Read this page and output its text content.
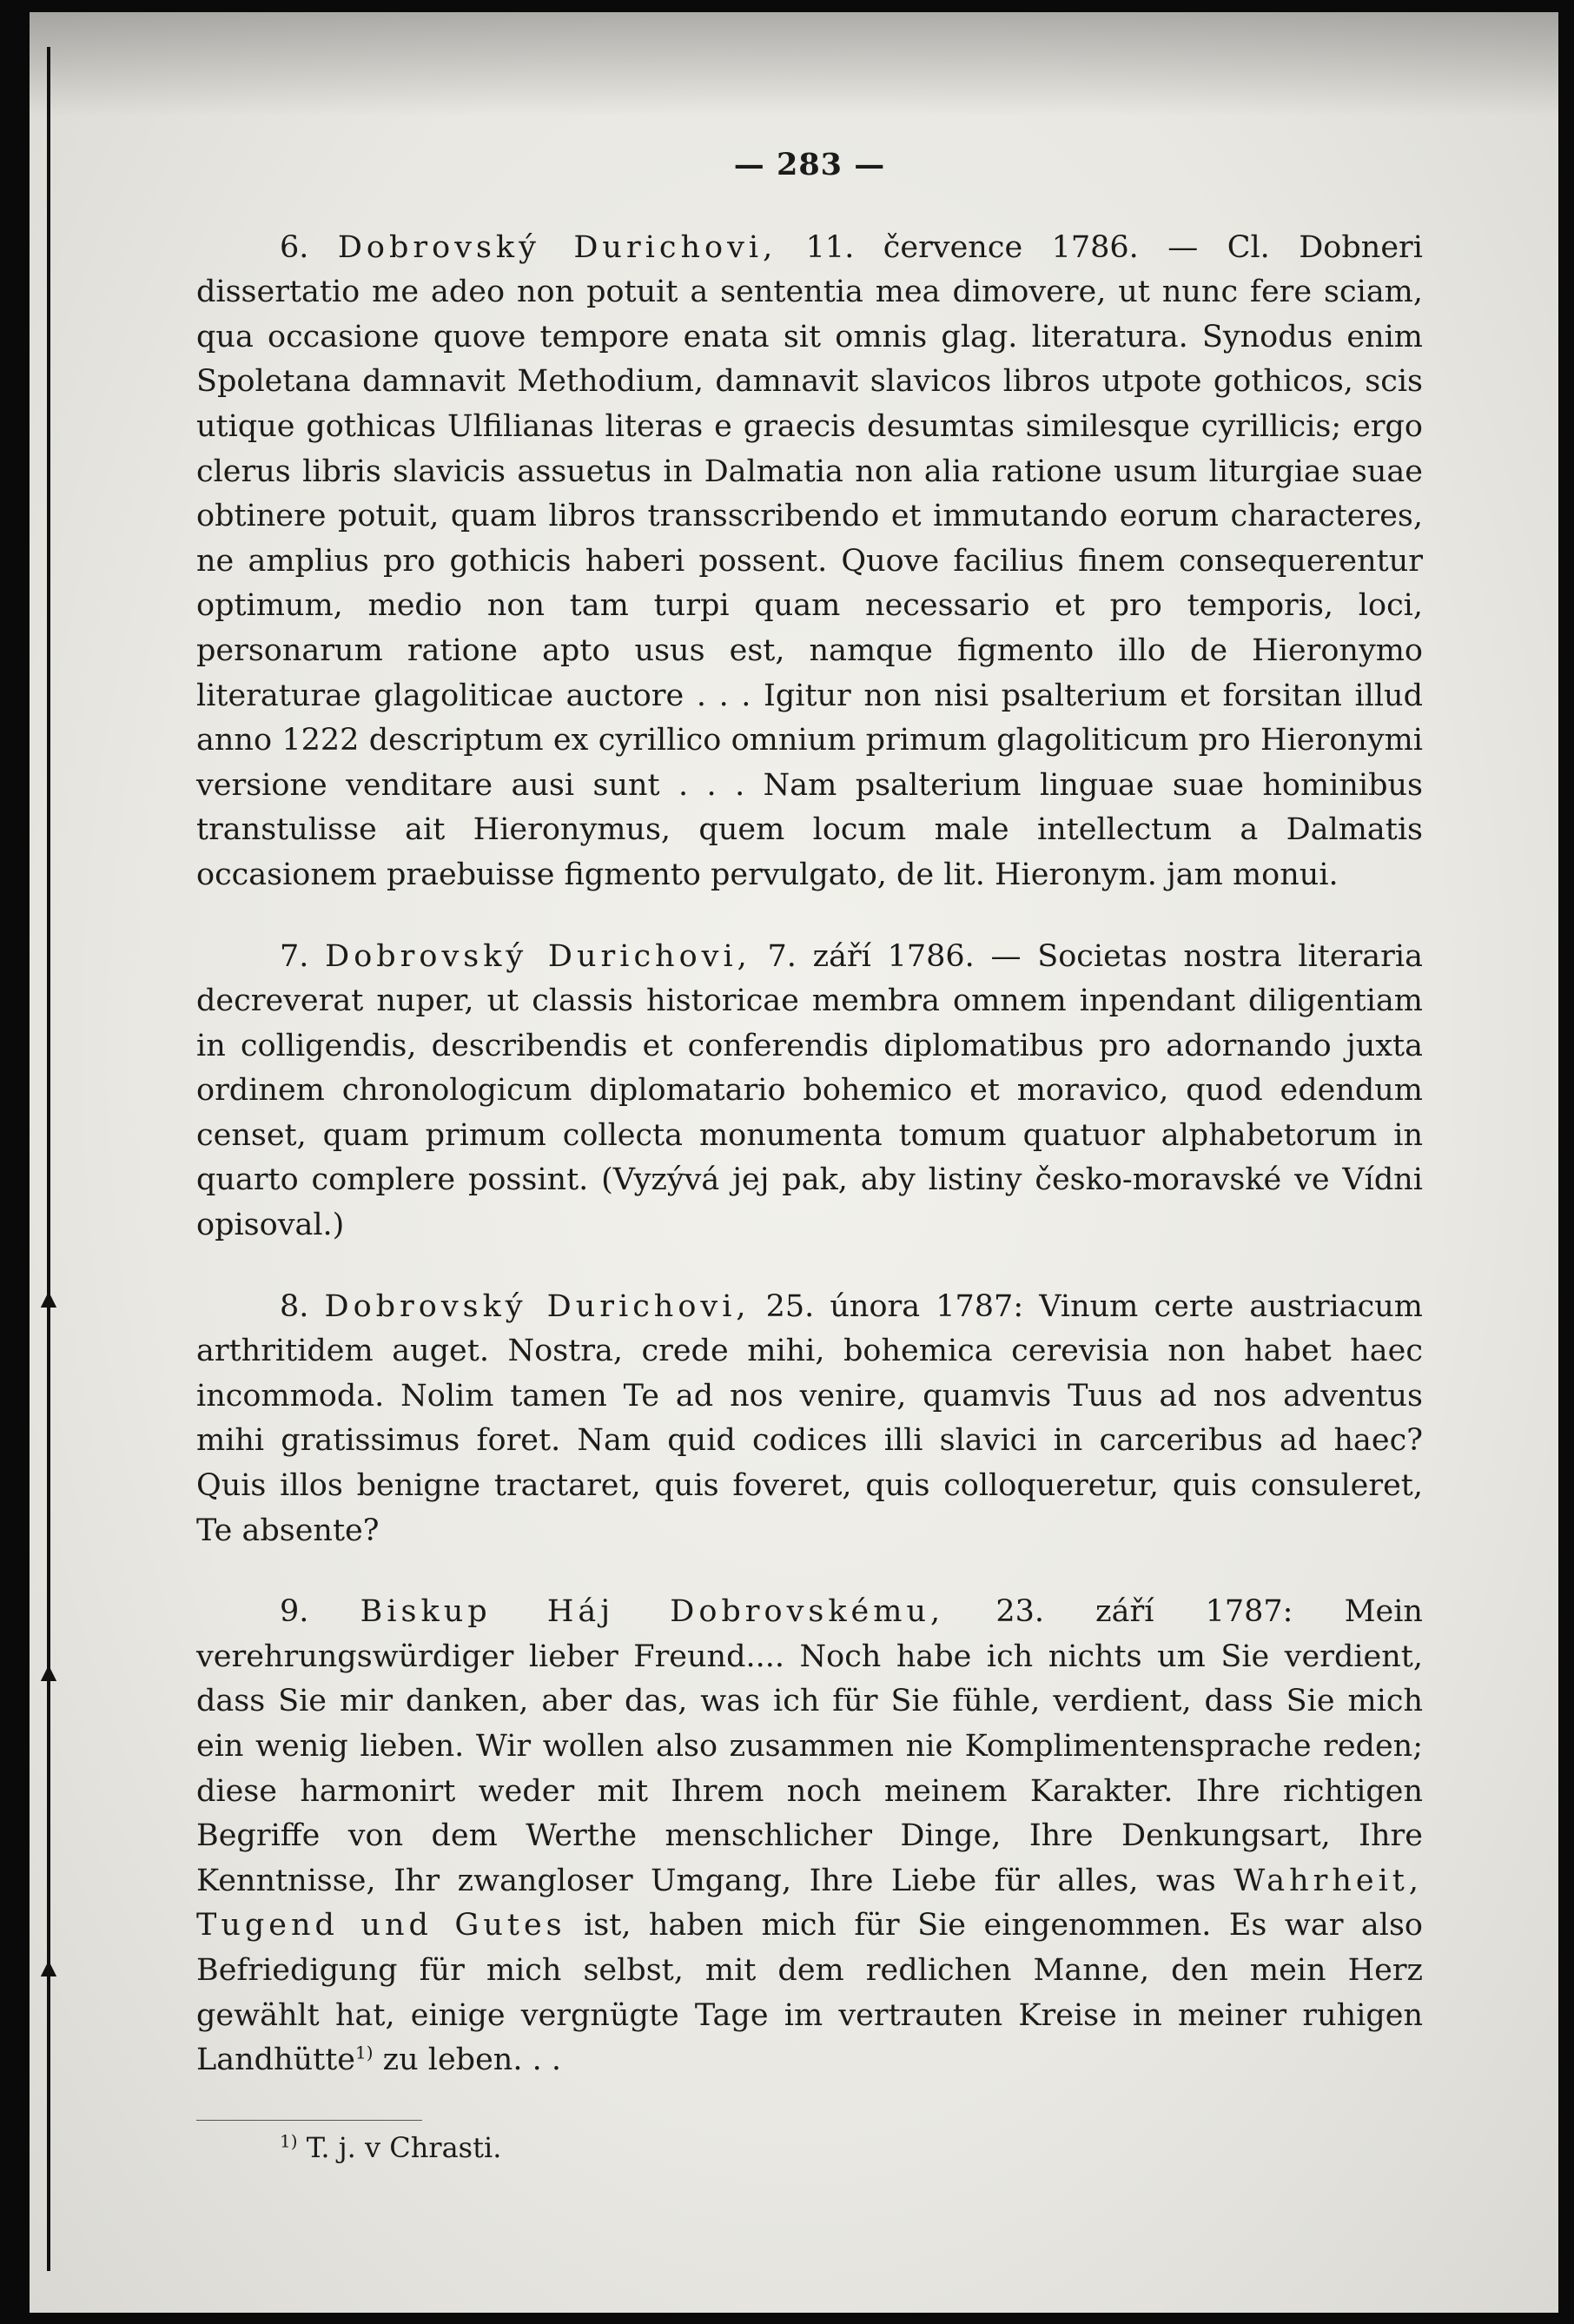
▲
▲
▲
— 283 —

6. Dobrovský Durichovi, 11. července 1786. — Cl. Dobneri dissertatio me adeo non potuit a sententia mea dimovere, ut nunc fere sciam, qua occasione quove tempore enata sit omnis glag. literatura. Synodus enim Spoletana damnavit Methodium, damnavit slavicos libros utpote gothicos, scis utique gothicas Ulfilianas literas e graecis desumtas similesque cyrillicis; ergo clerus libris slavicis assuetus in Dalmatia non alia ratione usum liturgiae suae obtinere potuit, quam libros transscribendo et immutando eorum characteres, ne amplius pro gothicis haberi possent. Quove facilius finem consequerentur optimum, medio non tam turpi quam necessario et pro temporis, loci, personarum ratione apto usus est, namque figmento illo de Hieronymo literaturae glagoliticae auctore . . . Igitur non nisi psalterium et forsitan illud anno 1222 descriptum ex cyrillico omnium primum glagoliticum pro Hieronymi versione venditare ausi sunt . . . Nam psalterium linguae suae hominibus transtulisse ait Hieronymus, quem locum male intellectum a Dalmatis occasionem praebuisse figmento pervulgato, de lit. Hieronym. jam monui.

7. Dobrovský Durichovi, 7. září 1786. — Societas nostra literaria decreverat nuper, ut classis historicae membra omnem inpendant diligentiam in colligendis, describendis et conferendis diplomatibus pro adornando juxta ordinem chronologicum diplomatario bohemico et moravico, quod edendum censet, quam primum collecta monumenta tomum quatuor alphabetorum in quarto complere possint. (Vyzývá jej pak, aby listiny česko-moravské ve Vídni opisoval.)

8. Dobrovský Durichovi, 25. února 1787: Vinum certe austriacum arthritidem auget. Nostra, crede mihi, bohemica cerevisia non habet haec incommoda. Nolim tamen Te ad nos venire, quamvis Tuus ad nos adventus mihi gratissimus foret. Nam quid codices illi slavici in carceribus ad haec? Quis illos benigne tractaret, quis foveret, quis colloqueretur, quis consuleret, Te absente?

9. Biskup Háj Dobrovskému, 23. září 1787: Mein verehrungswürdiger lieber Freund.... Noch habe ich nichts um Sie verdient, dass Sie mir danken, aber das, was ich für Sie fühle, verdient, dass Sie mich ein wenig lieben. Wir wollen also zusammen nie Komplimentensprache reden; diese harmonirt weder mit Ihrem noch meinem Karakter. Ihre richtigen Begriffe von dem Werthe menschlicher Dinge, Ihre Denkungsart, Ihre Kenntnisse, Ihr zwangloser Umgang, Ihre Liebe für alles, was Wahrheit, Tugend und Gutes ist, haben mich für Sie eingenommen. Es war also Befriedigung für mich selbst, mit dem redlichen Manne, den mein Herz gewählt hat, einige vergnügte Tage im vertrauten Kreise in meiner ruhigen Landhütte$^{1)}$ zu leben. . .

$^{1)}$ T. j. v Chrasti.
